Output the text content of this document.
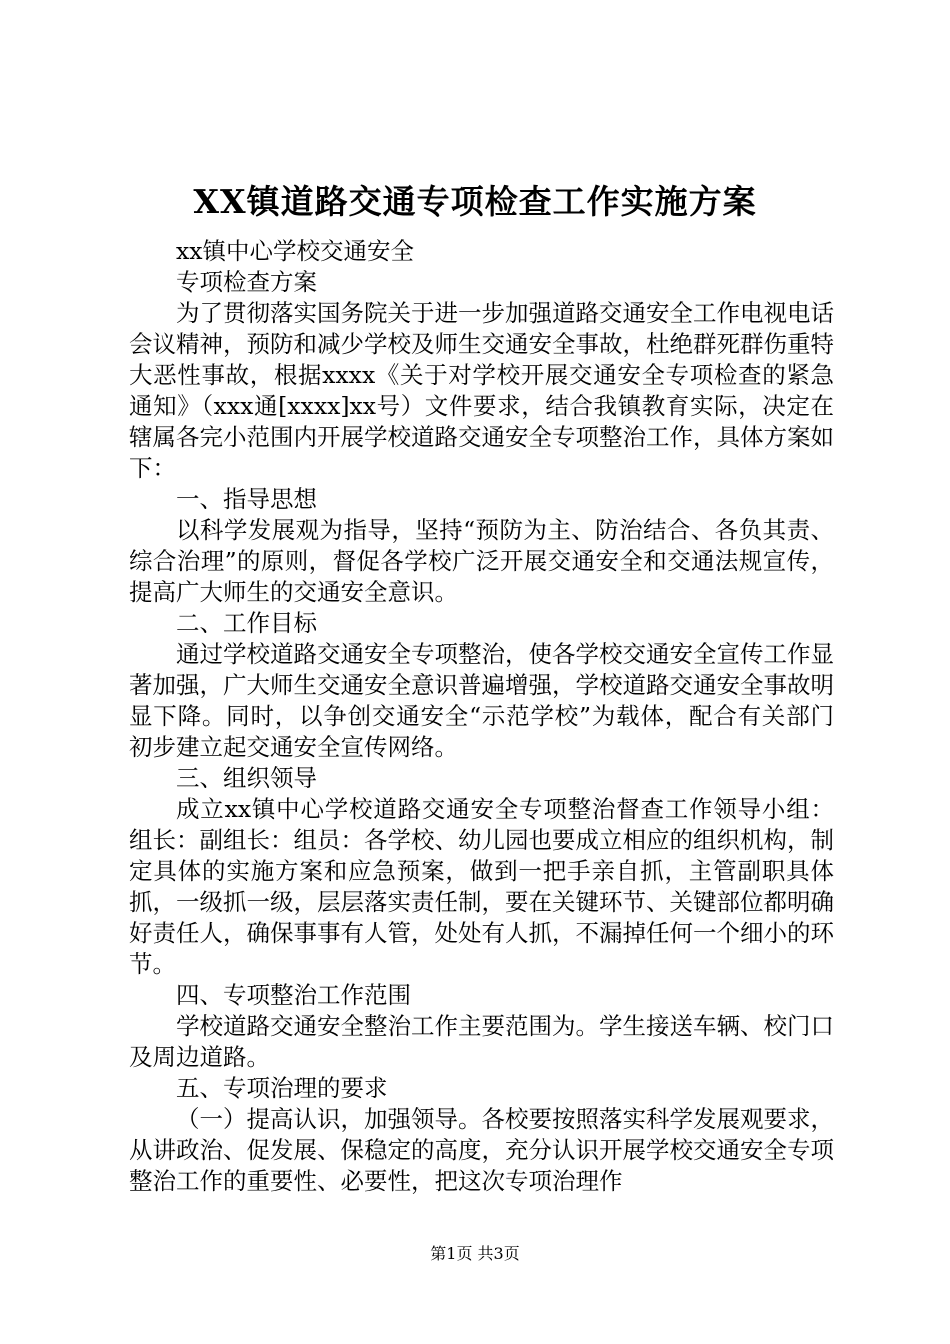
XX镇道路交通专项检查工作实施方案

xx镇中心学校交通安全

专项检查方案

为了贯彻落实国务院关于进一步加强道路交通安全工作电视电话会议精神，预防和减少学校及师生交通安全事故，杜绝群死群伤重特大恶性事故，根据xxxx《关于对学校开展交通安全专项检查的紧急通知》（xxx通[xxxx]xx号）文件要求，结合我镇教育实际，决定在辖属各完小范围内开展学校道路交通安全专项整治工作，具体方案如下：

一、指导思想

以科学发展观为指导，坚持“预防为主、防治结合、各负其责、综合治理”的原则，督促各学校广泛开展交通安全和交通法规宣传，提高广大师生的交通安全意识。

二、工作目标

通过学校道路交通安全专项整治，使各学校交通安全宣传工作显著加强，广大师生交通安全意识普遍增强，学校道路交通安全事故明显下降。同时，以争创交通安全“示范学校”为载体，配合有关部门初步建立起交通安全宣传网络。

三、组织领导

成立xx镇中心学校道路交通安全专项整治督查工作领导小组：组长：副组长：组员：各学校、幼儿园也要成立相应的组织机构，制定具体的实施方案和应急预案，做到一把手亲自抓，主管副职具体抓，一级抓一级，层层落实责任制，要在关键环节、关键部位都明确好责任人，确保事事有人管，处处有人抓，不漏掉任何一个细小的环节。

四、专项整治工作范围

学校道路交通安全整治工作主要范围为。学生接送车辆、校门口及周边道路。

五、专项治理的要求

（一）提高认识，加强领导。各校要按照落实科学发展观要求，从讲政治、促发展、保稳定的高度，充分认识开展学校交通安全专项整治工作的重要性、必要性，把这次专项治理作

第1页 共3页
